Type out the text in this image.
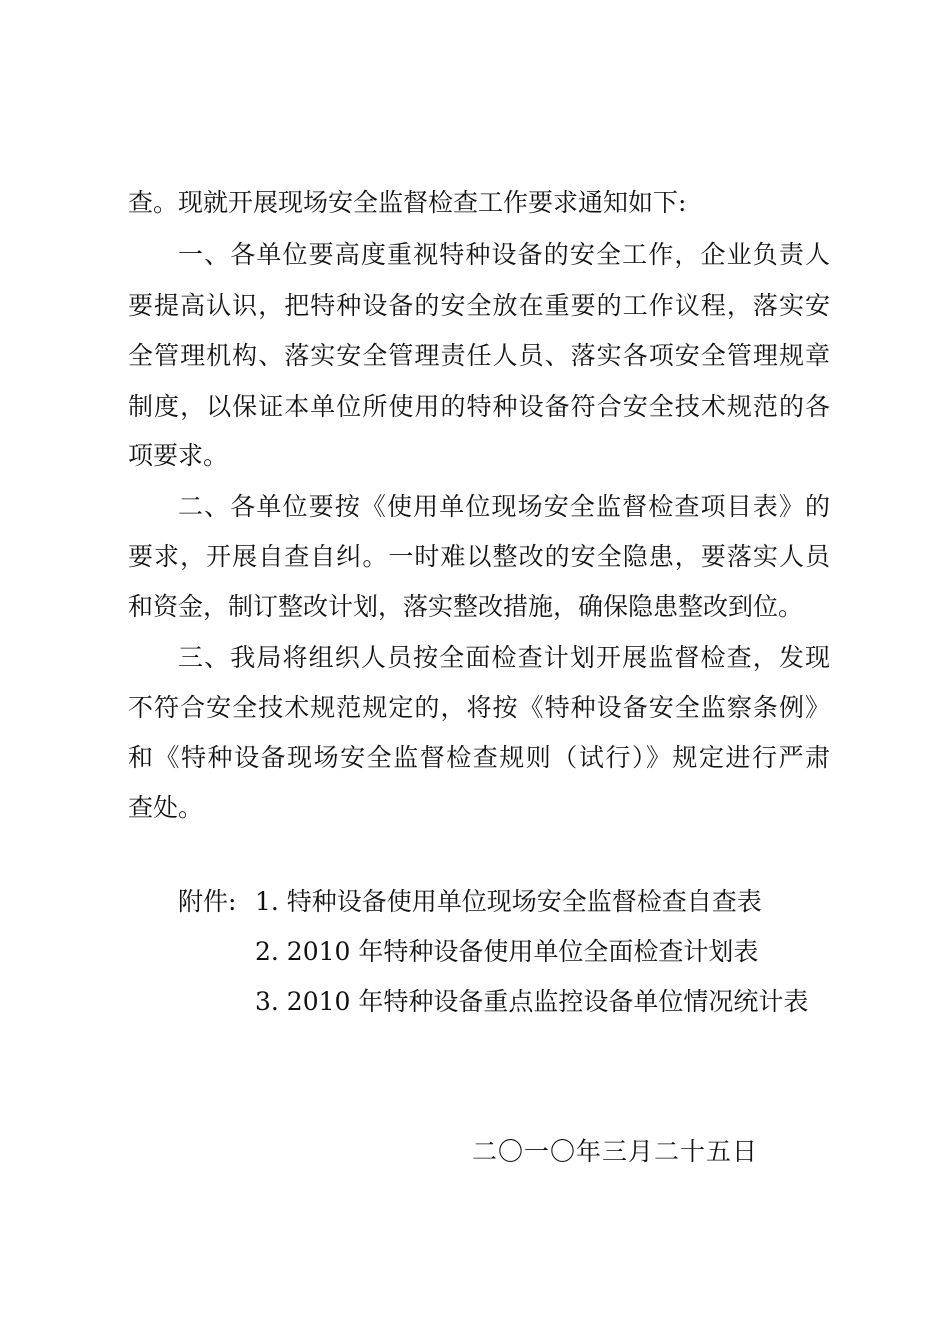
查。现就开展现场安全监督检查工作要求通知如下:
一、各单位要高度重视特种设备的安全工作，企业负责人
要提高认识，把特种设备的安全放在重要的工作议程，落实安
全管理机构、落实安全管理责任人员、落实各项安全管理规章
制度，以保证本单位所使用的特种设备符合安全技术规范的各
项要求。
二、各单位要按《使用单位现场安全监督检查项目表》的
要求，开展自查自纠。一时难以整改的安全隐患，要落实人员
和资金，制订整改计划，落实整改措施，确保隐患整改到位。
三、我局将组织人员按全面检查计划开展监督检查，发现
不符合安全技术规范规定的，将按《特种设备安全监察条例》
和《特种设备现场安全监督检查规则（试行）》规定进行严肃
查处。
附件: 1. 特种设备使用单位现场安全监督检查自查表
2. 2010 年特种设备使用单位全面检查计划表
3. 2010 年特种设备重点监控设备单位情况统计表
二〇一〇年三月二十五日
